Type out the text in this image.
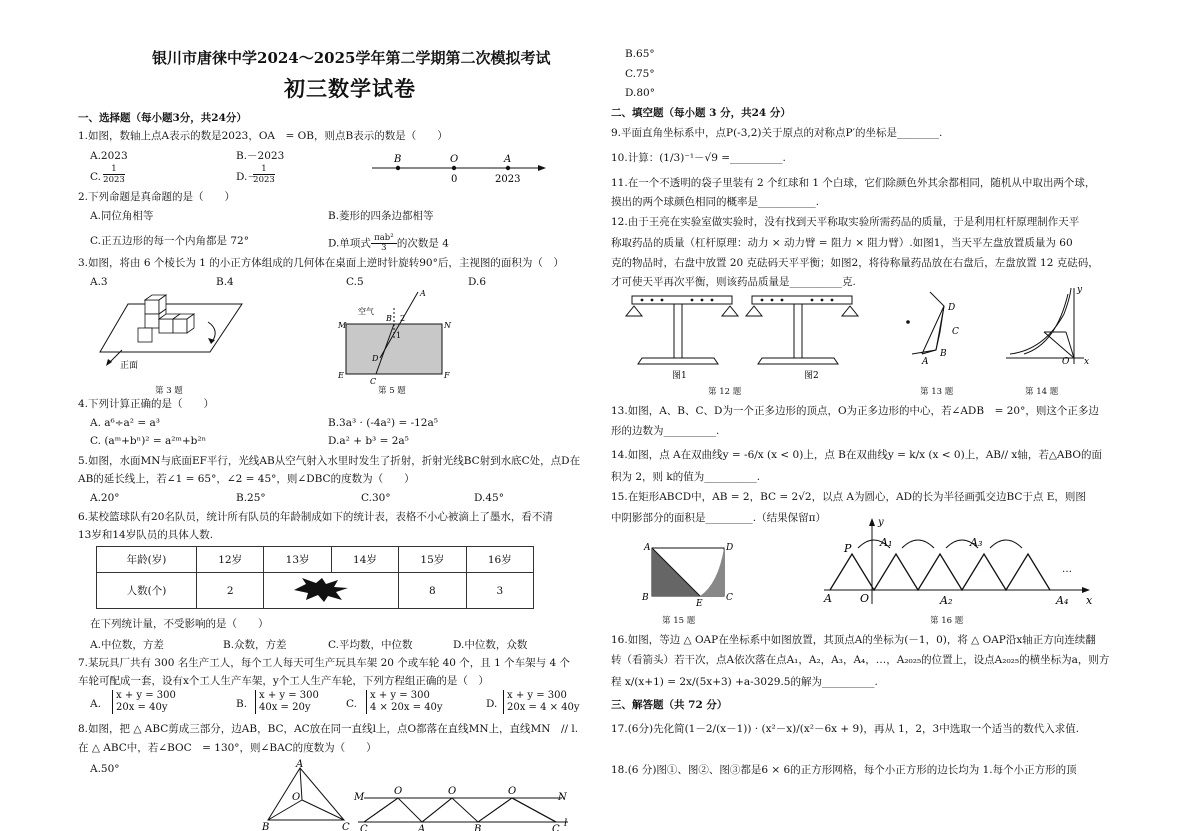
银川市唐徕中学2024～2025学年第二学期第二次模拟考试
初三数学试卷
一、选择题（每小题3分，共24分）
1.如图，数轴上点A表示的数是2023，OA　= OB，则点B表示的数是（　　）
A.2023	B.－2023
C.
1
2023	D.－
1
2023
B	O	A
0	2023
2.下列命题是真命题的是（　　）
A.同位角相等	B.菱形的四条边都相等
C.正五边形的每一个内角都是 72°	D.单项式 πab²
3 的次数是 4
3.如图，将由 6 个棱长为 1 的小正方体组成的几何体在桌面上逆时针旋转90°后，主视图的面积为（　）
A.3	B.4	C.5	D.6
正面
第 3 题
空气
A
B
1
2
M	N
D
C
E	F
第 5 题
4.下列计算正确的是（　　）
A. a⁶÷a² = a³	B.3a³ · (-4a²) = -12a⁵
C. (aᵐ+bⁿ)² = a²ᵐ+b²ⁿ	D.a² + b³ = 2a⁵
5.如图，水面MN与底面EF平行，光线AB从空气射入水里时发生了折射，折射光线BC射到水底C处，点D在
AB的延长线上，若∠1 = 65°，∠2 = 45°，则∠DBC的度数为（　　）
A.20°	B.25°	C.30°	D.45°
6.某校篮球队有20名队员，统计所有队员的年龄制成如下的统计表，表格不小心被滴上了墨水，看不清
13岁和14岁队员的具体人数.
年龄(岁)	12岁	13岁	14岁	15岁	16岁
人数(个)	2			8	3
在下列统计量，不受影响的是（　　）
A.中位数，方差	B.众数，方差	C.平均数，中位数	D.中位数，众数
7.某玩具厂共有 300 名生产工人，每个工人每天可生产玩具车架 20 个或车轮 40 个，且 1 个车架与 4 个
车轮可配成一套，设有x个工人生产车架，y个工人生产车轮，下列方程组正确的是（　）
A.
x + y = 300
20x = 40y	B.
x + y = 300
40x = 20y	C.
x + y = 300
4 × 20x = 40y	D.
x + y = 300
20x = 4 × 40y
8.如图，把 △ ABC剪成三部分，边AB，BC，AC放在同一直线l上，点O都落在直线MN上，直线MN　// l.
在 △ ABC中，若∠BOC　= 130°，则∠BAC的度数为（　　）
A.50°	A
O
B	C
M	N
l
O	O	O
C	A	B	C
B.65°
C.75°
D.80°
二、填空题（每小题 3 分，共24 分）
9.平面直角坐标系中，点P(-3,2)关于原点的对称点P′的坐标是________.
10.计算：(1/3)⁻¹－√9 =__________.
11.在一个不透明的袋子里装有 2 个红球和 1 个白球，它们除颜色外其余都相同，随机从中取出两个球，
摸出的两个球颜色相同的概率是___________.
12.由于王亮在实验室做实验时，没有找到天平称取实验所需药品的质量，于是利用杠杆原理制作天平
称取药品的质量（杠杆原理：动力 × 动力臂 = 阻力 × 阻力臂）.如图1，当天平左盘放置质量为 60
克的物品时，右盘中放置 20 克砝码天平平衡；如图2，将待称量药品放在右盘后，左盘放置 12 克砝码，
才可使天平再次平衡，则该药品质量是__________克.
图1	图2
第 12 题
D
C
B
A
第 13 题
y
x
O
第 14 题
13.如图，A、B、C、D为一个正多边形的顶点，O为正多边形的中心，若∠ADB　= 20°，则这个正多边
形的边数为__________.
14.如图，点 A在双曲线y = -6/x (x < 0)上，点 B在双曲线y = k/x (x < 0)上，AB// x轴，若△ABO的面
积为 2，则 k的值为__________.
15.在矩形ABCD中，AB = 2，BC = 2√2，以点 A为圆心，AD的长为半径画弧交边BC于点 E，则图
中阴影部分的面积是_________.（结果保留π）
A	D
B
E
C
第 15 题
y
P	A₁	A₃
…
A	O	A₂	A₄ x
第 16 题
16.如图，等边 △ OAP在坐标系中如图放置，其顶点A的坐标为(－1，0)，将 △ OAP沿x轴正方向连续翻
转（看箭头）若干次，点A依次落在点A₁，A₂，A₃，A₄，…，A₂₀₂₅的位置上，设点A₂₀₂₅的横坐标为a，则方
程 x/(x+1) = 2x/(5x+3) +a-3029.5的解为__________.
三、解答题（共 72 分）
17.(6分)先化简(1－2/(x－1)) · (x²－x)/(x²－6x + 9)，再从 1，2，3中选取一个适当的数代入求值.
18.(6 分)图①、图②、图③都是6 × 6的正方形网格，每个小正方形的边长均为 1.每个小正方形的顶
